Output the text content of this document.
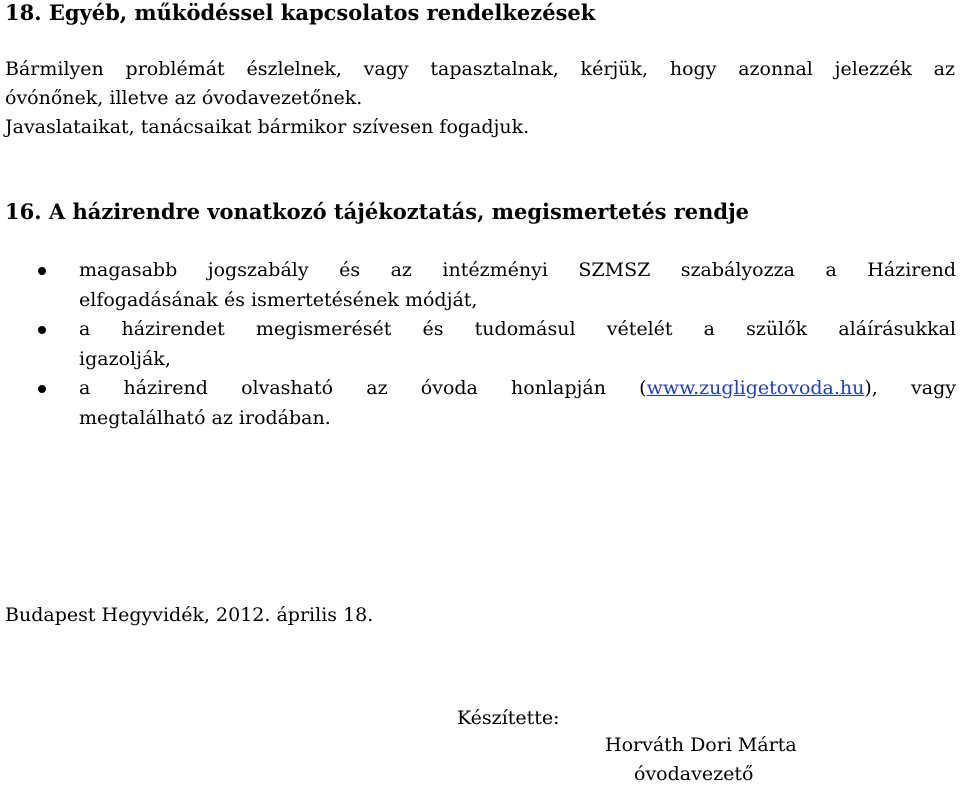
18. Egyéb, működéssel kapcsolatos rendelkezések

Bármilyen problémát észlelnek, vagy tapasztalnak, kérjük, hogy azonnal jelezzék az
óvónőnek, illetve az óvodavezetőnek.
Javaslataikat, tanácsaikat bármikor szívesen fogadjuk.

16. A házirendre vonatkozó tájékoztatás, megismertetés rendje
magasabb jogszabály és az intézményi SZMSZ szabályozza a Házirend
elfogadásának és ismertetésének módját,
a házirendet megismerését és tudomásul vételét a szülők aláírásukkal
igazolják,
a házirend olvasható az óvoda honlapján (www.zugligetovoda.hu), vagy
megtalálható az irodában.

Budapest Hegyvidék, 2012. április 18.

Készítette:

Horváth Dori Márta

óvodavezető
